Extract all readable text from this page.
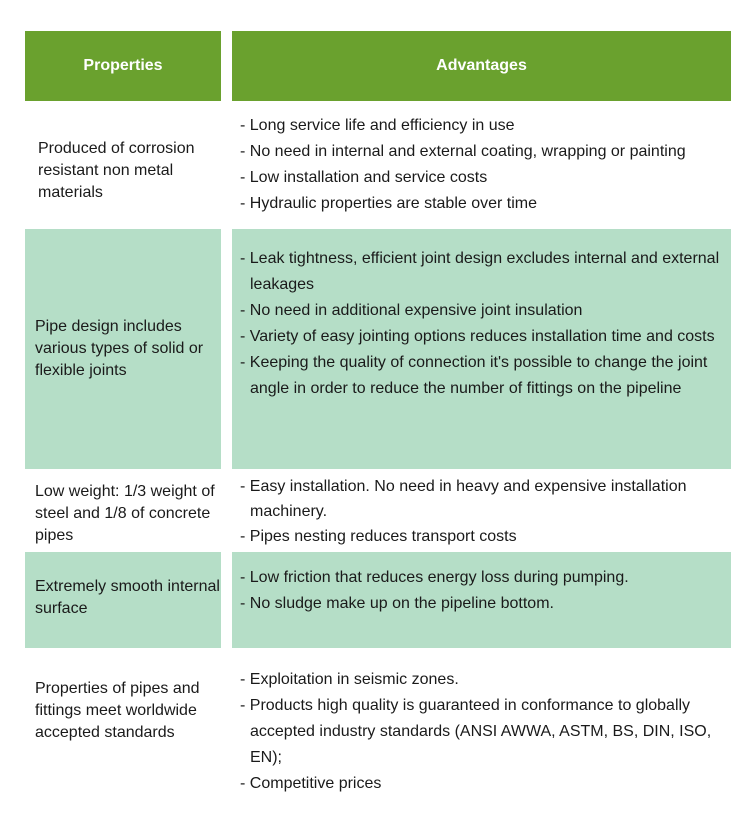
Properties	Advantages
Produced of corrosion resistant non metal materials
- Long service life and efficiency in use
- No need in internal and external coating, wrapping or painting
- Low installation and service costs
- Hydraulic properties are stable over time
Pipe design includes various types of solid or flexible joints
- Leak tightness, efficient joint design excludes internal and external leakages
- No need in additional expensive joint insulation
- Variety of easy jointing options reduces installation time and costs
- Keeping the quality of connection it's possible to change the joint angle in order to reduce the number of fittings on the pipeline
Low weight: 1/3 weight of steel and 1/8 of concrete pipes
- Easy installation. No need in heavy and expensive installation machinery.
- Pipes nesting reduces transport costs
Extremely smooth internal surface
- Low friction that reduces energy loss during pumping.
- No sludge make up on the pipeline bottom.
Properties of pipes and fittings meet worldwide accepted standards
- Exploitation in seismic zones.
- Products high quality is guaranteed in conformance to globally accepted industry standards (ANSI AWWA, ASTM, BS, DIN, ISO, EN);
- Competitive prices
